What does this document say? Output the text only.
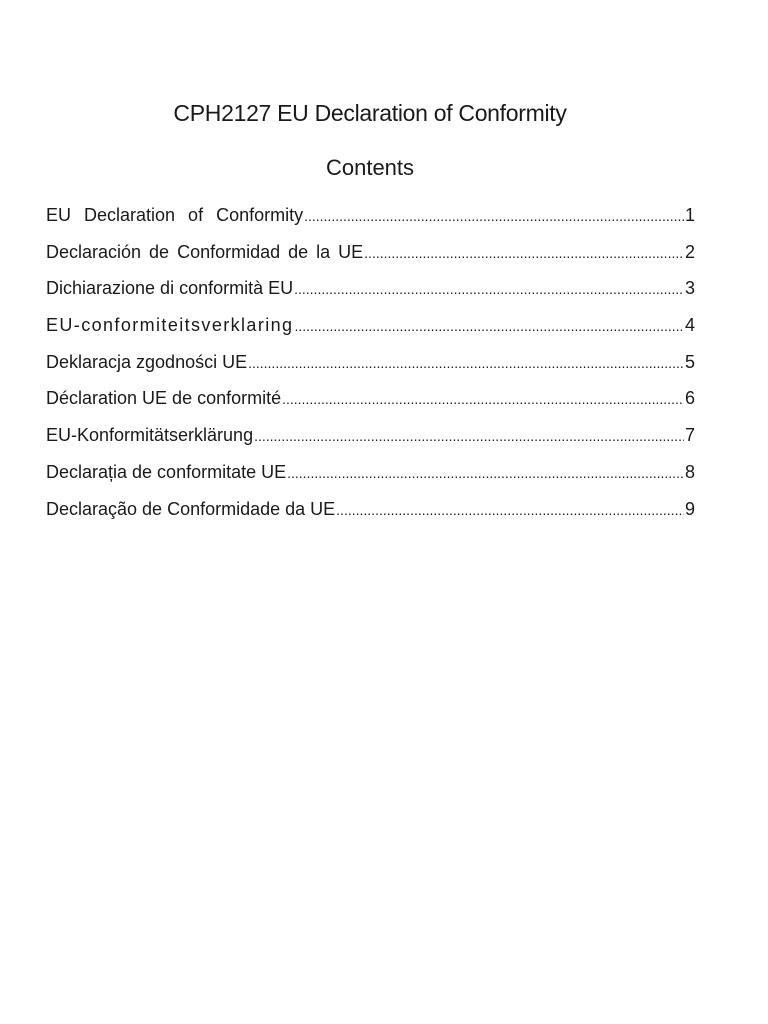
CPH2127 EU Declaration of Conformity
Contents
EU Declaration of Conformity .....	1
Declaración de Conformidad de la UE .....	2
Dichiarazione di conformità EU .....	3
EU-conformiteitsverklaring .....	4
Deklaracja zgodności UE .....	5
Déclaration UE de conformité .....	6
EU-Konformitätserklärung .....	7
Declarația de conformitate UE .....	8
Declaração de Conformidade da UE .....	9
